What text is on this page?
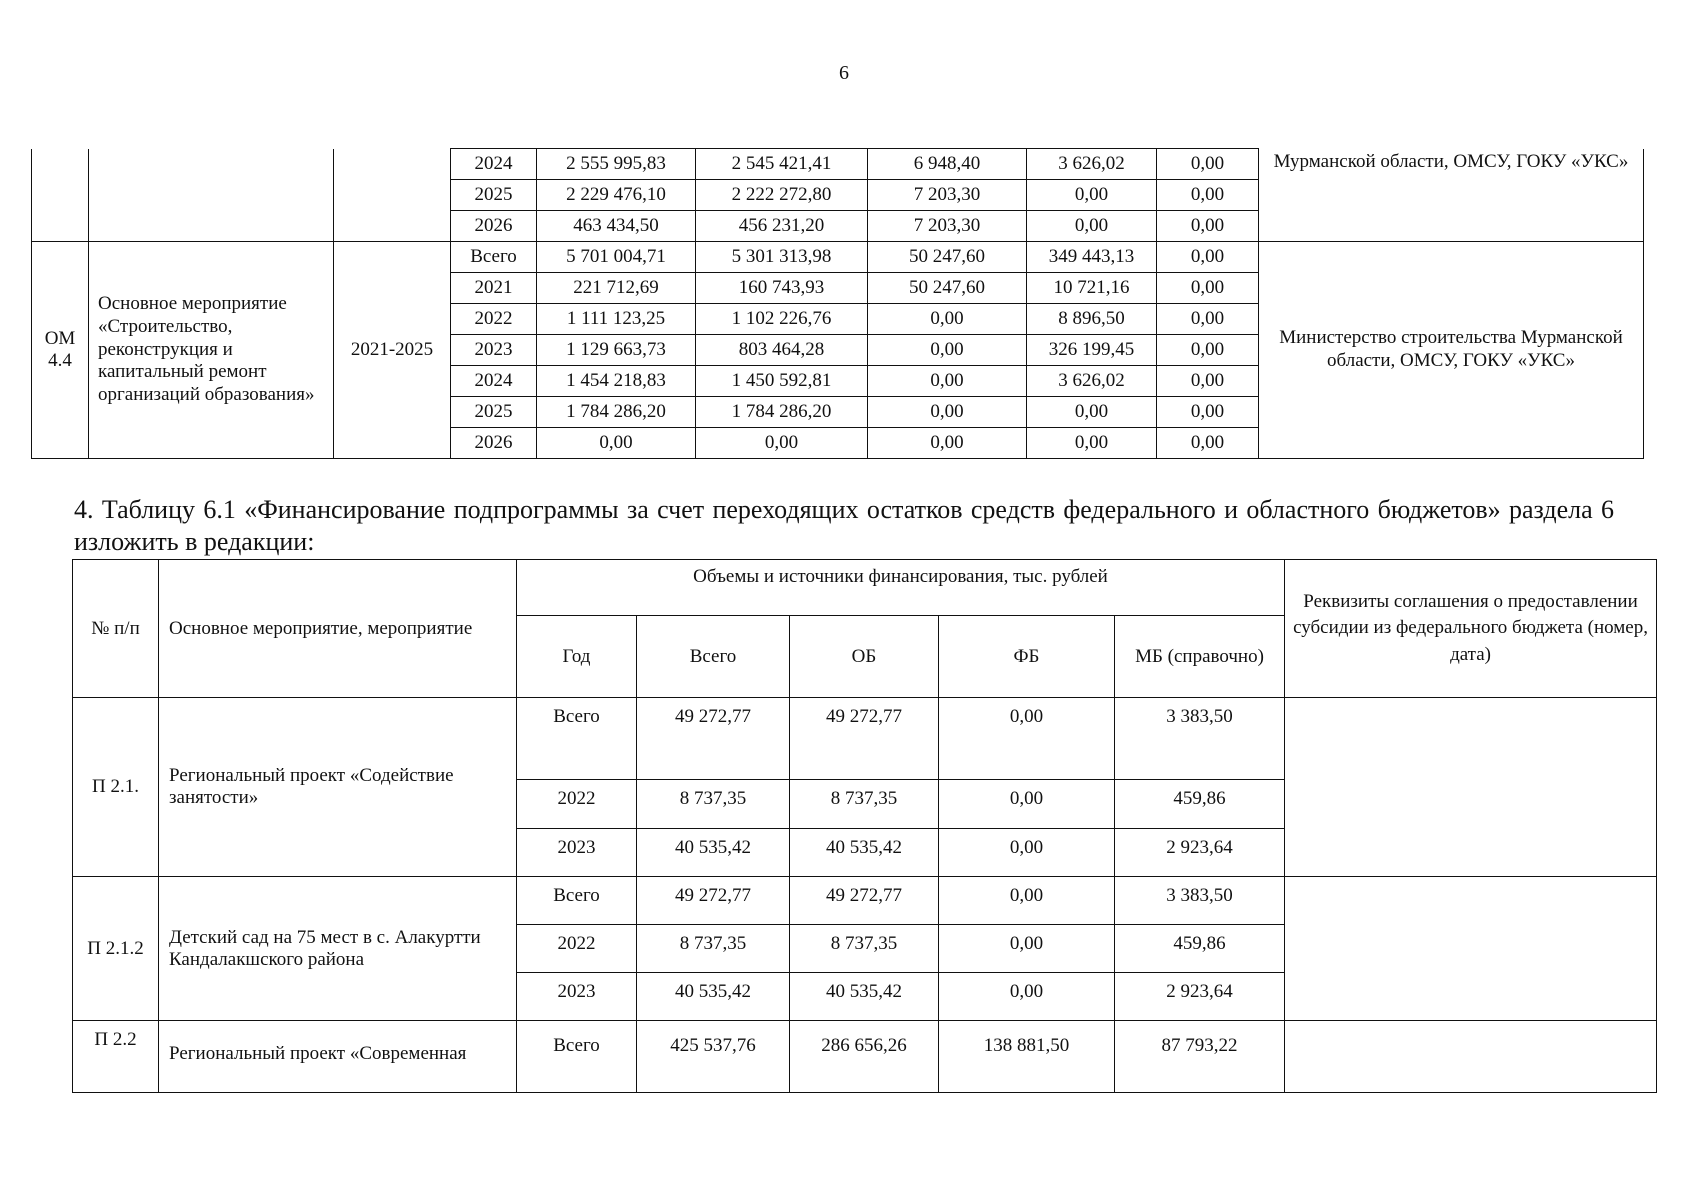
6
			2024	2 555 995,83	2 545 421,41	6 948,40	3 626,02	0,00	Мурманской области, ОМСУ, ГОКУ «УКС»
			2025	2 229 476,10	2 222 272,80	7 203,30	0,00	0,00	
			2026	463 434,50	456 231,20	7 203,30	0,00	0,00	
ОМ 4.4	Основное мероприятие «Строительство, реконструкция и капитальный ремонт организаций образования»	2021-2025	Всего	5 701 004,71	5 301 313,98	50 247,60	349 443,13	0,00	Министерство строительства Мурманской области, ОМСУ, ГОКУ «УКС»
			2021	221 712,69	160 743,93	50 247,60	10 721,16	0,00	
			2022	1 111 123,25	1 102 226,76	0,00	8 896,50	0,00	
			2023	1 129 663,73	803 464,28	0,00	326 199,45	0,00	
			2024	1 454 218,83	1 450 592,81	0,00	3 626,02	0,00	
			2025	1 784 286,20	1 784 286,20	0,00	0,00	0,00	
			2026	0,00	0,00	0,00	0,00	0,00	
4. Таблицу 6.1 «Финансирование подпрограммы за счет переходящих остатков средств федерального и областного бюджетов» раздела 6 изложить в редакции:
№ п/п	Основное мероприятие, мероприятие	Объемы и источники финансирования, тыс. рублей					Реквизиты соглашения о предоставлении субсидии из федерального бюджета (номер, дата)
		Год	Всего	ОБ	ФБ	МБ (справочно)	
П 2.1.	Региональный проект «Содействие занятости»	Всего	49 272,77	49 272,77	0,00	3 383,50	
		2022	8 737,35	8 737,35	0,00	459,86	
		2023	40 535,42	40 535,42	0,00	2 923,64	
П 2.1.2	Детский сад на 75 мест в с. Алакуртти Кандалакшского района	Всего	49 272,77	49 272,77	0,00	3 383,50	
		2022	8 737,35	8 737,35	0,00	459,86	
		2023	40 535,42	40 535,42	0,00	2 923,64	
П 2.2	Региональный проект «Современная	Всего	425 537,76	286 656,26	138 881,50	87 793,22	
